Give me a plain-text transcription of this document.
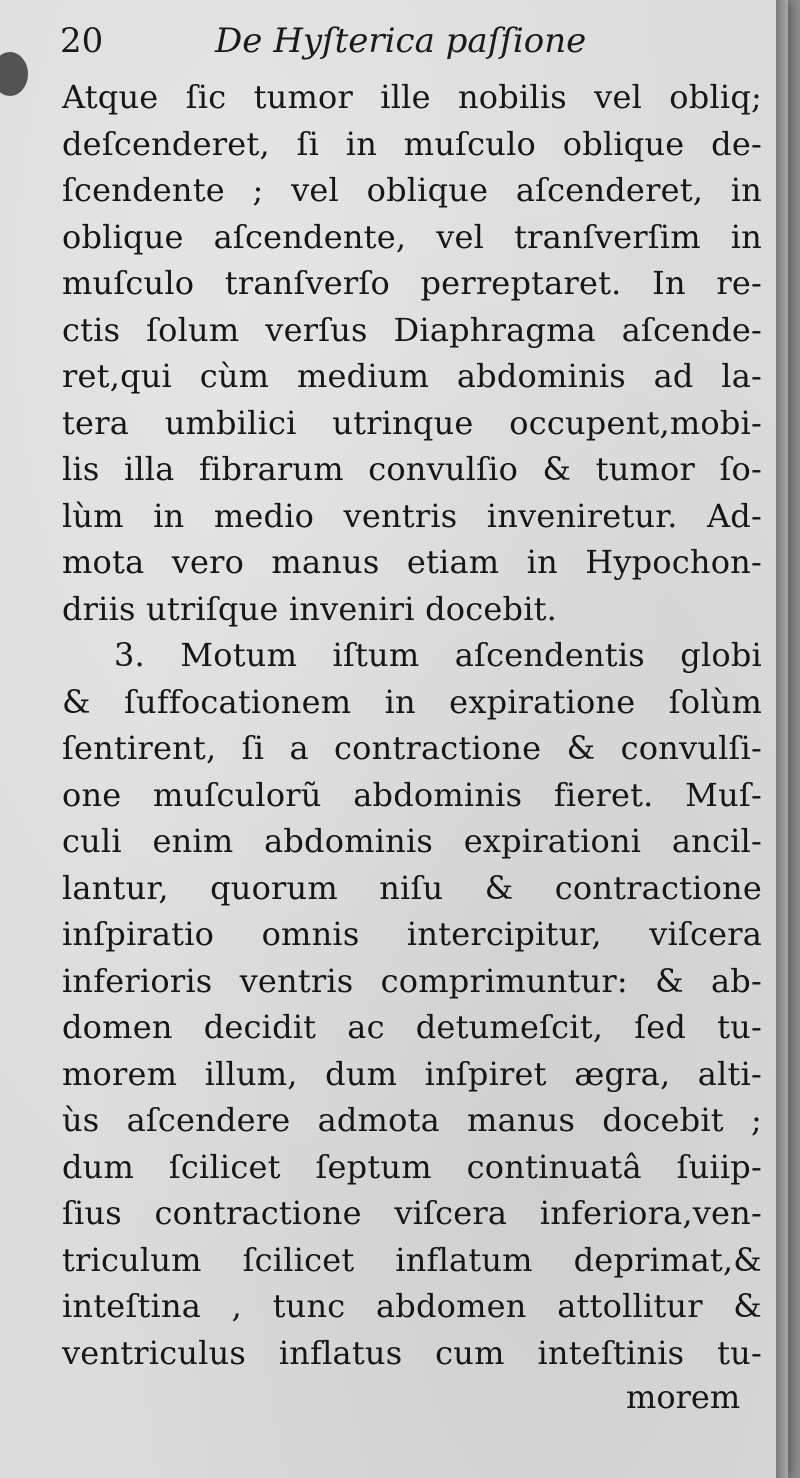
20	De Hyſterica paſſione
Atque ſic tumor ille nobilis vel obliq;
deſcenderet, ſi in muſculo oblique de-
ſcendente ; vel oblique aſcenderet, in
oblique aſcendente, vel tranſverſim in
muſculo tranſverſo perreptaret. In re-
ctis ſolum verſus Diaphragma aſcende-
ret,qui cùm medium abdominis ad la-
tera umbilici utrinque occupent,mobi-
lis illa fibrarum convulſio & tumor ſo-
lùm in medio ventris inveniretur. Ad-
mota vero manus etiam in Hypochon-
driis utriſque inveniri docebit.
3. Motum iſtum aſcendentis globi
& ſuffocationem in expiratione ſolùm
ſentirent, ſi a contractione & convulſi-
one muſculorũ abdominis fieret. Muſ-
culi enim abdominis expirationi ancil-
lantur, quorum niſu & contractione
inſpiratio omnis intercipitur, viſcera
inferioris ventris comprimuntur: & ab-
domen decidit ac detumeſcit, ſed tu-
morem illum, dum inſpiret ægra, alti-
ùs aſcendere admota manus docebit ;
dum ſcilicet ſeptum continuatâ ſuiip-
ſius contractione viſcera inferiora,ven-
triculum ſcilicet inflatum deprimat,&
inteſtina , tunc abdomen attollitur &
ventriculus inflatus cum inteſtinis tu-
morem
